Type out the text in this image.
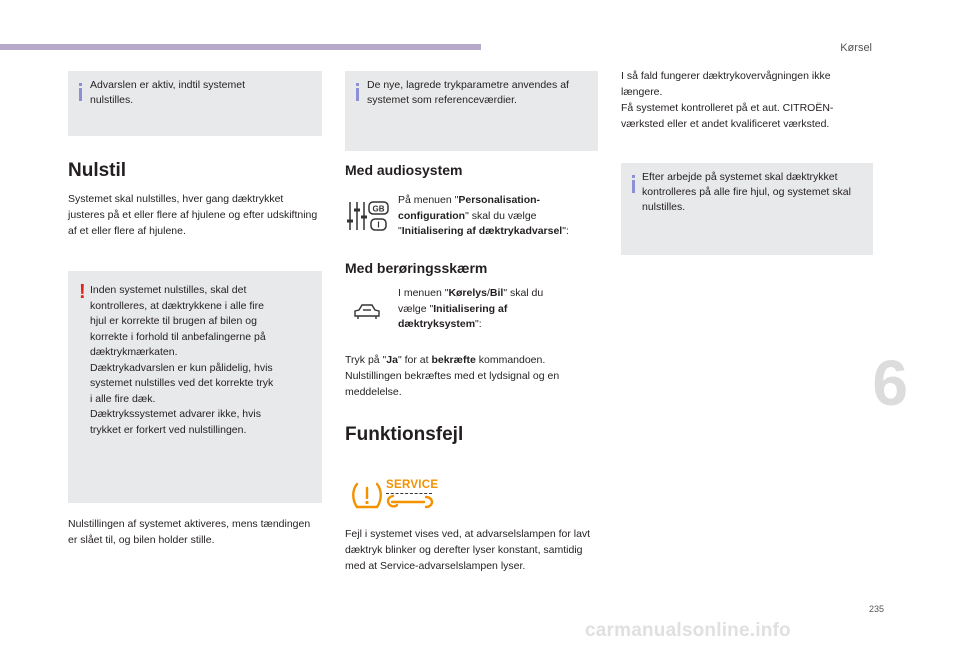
Kørsel
6
235
Advarslen er aktiv, indtil systemet nulstilles.
Nulstil
Systemet skal nulstilles, hver gang dæktrykket justeres på et eller flere af hjulene og efter udskiftning af et eller flere af hjulene.
! Inden systemet nulstilles, skal det
kontrolleres, at dæktrykkene i alle fire
hjul er korrekte til brugen af bilen og
korrekte i forhold til anbefalingerne på
dæktrykmærkaten.
Dæktrykadvarslen er kun pålidelig, hvis
systemet nulstilles ved det korrekte tryk
i alle fire dæk.
Dæktrykssystemet advarer ikke, hvis
trykket er forkert ved nulstillingen.
Nulstillingen af systemet aktiveres, mens tændingen er slået til, og bilen holder stille.
De nye, lagrede trykparametre anvendes af systemet som referenceværdier.
Med audiosystem
GB
I
På menuen "Personalisation-configuration" skal du vælge "Initialisering af dæktrykadvarsel":
Med berøringsskærm
I menuen "Kørelys/Bil" skal du vælge "Initialisering af dæktryksystem":
Tryk på "Ja" for at bekræfte kommandoen. Nulstillingen bekræftes med et lydsignal og en meddelelse.
Funktionsfejl
SERVICE
Fejl i systemet vises ved, at advarselslampen for lavt dæktryk blinker og derefter lyser konstant, samtidig med at Service-advarselslampen lyser.
I så fald fungerer dæktrykovervågningen ikke længere.
Få systemet kontrolleret på et aut. CITROËN-værksted eller et andet kvalificeret værksted.
Efter arbejde på systemet skal dæktrykket kontrolleres på alle fire hjul, og systemet skal nulstilles.
carmanualsonline.info
